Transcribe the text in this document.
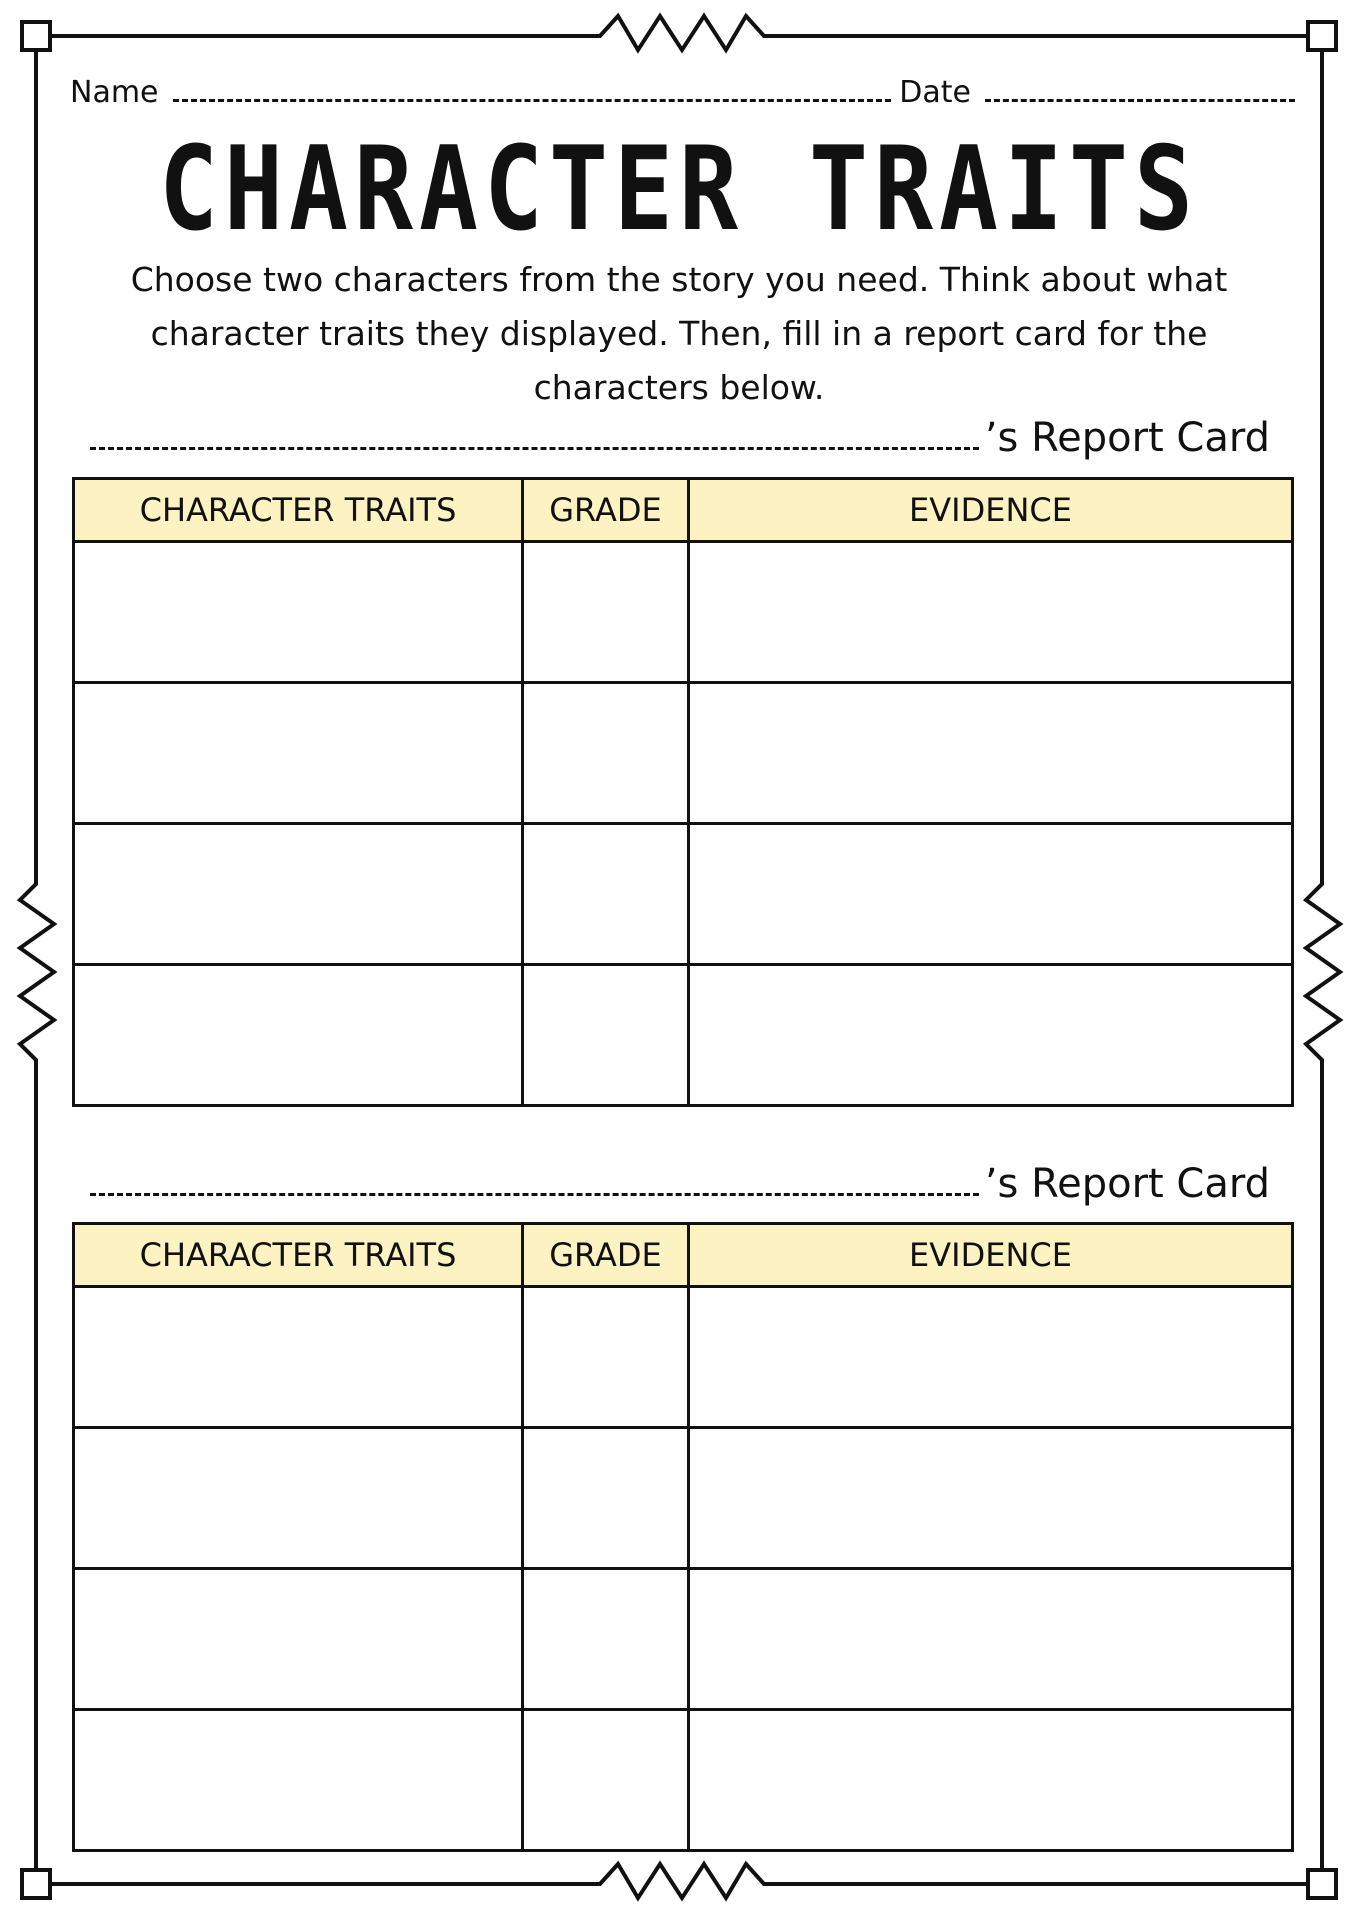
Name	Date
CHARACTER TRAITS
Choose two characters from the story you need. Think about what character traits they displayed. Then, fill in a report card for the characters below.
’s Report Card
CHARACTER TRAITS	GRADE	EVIDENCE

’s Report Card
CHARACTER TRAITS	GRADE	EVIDENCE
